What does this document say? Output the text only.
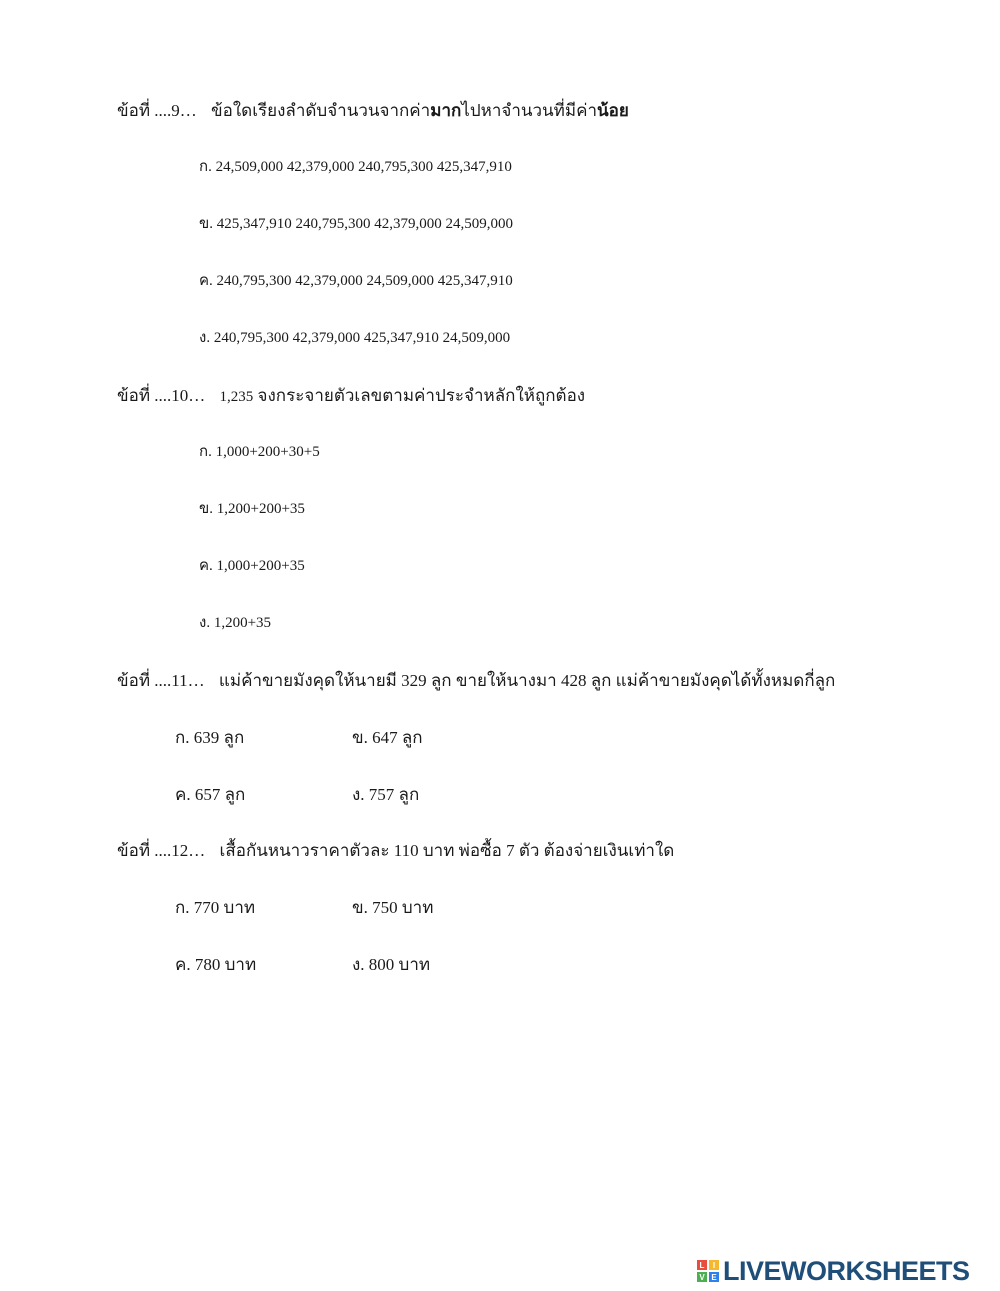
ข้อที่ ....9… ข้อใดเรียงลำดับจำนวนจากค่ามากไปหาจำนวนที่มีค่าน้อย
ก. 24,509,000 42,379,000 240,795,300 425,347,910
ข. 425,347,910 240,795,300 42,379,000 24,509,000
ค. 240,795,300 42,379,000 24,509,000 425,347,910
ง. 240,795,300 42,379,000 425,347,910 24,509,000
ข้อที่ ....10… 1,235 จงกระจายตัวเลขตามค่าประจำหลักให้ถูกต้อง
ก. 1,000+200+30+5
ข. 1,200+200+35
ค. 1,000+200+35
ง. 1,200+35
ข้อที่ ....11… แม่ค้าขายมังคุดให้นายมี 329 ลูก ขายให้นางมา 428 ลูก แม่ค้าขายมังคุดได้ทั้งหมดกี่ลูก
ก. 639 ลูก	ข. 647 ลูก
ค. 657 ลูก	ง. 757 ลูก
ข้อที่ ....12… เสื้อกันหนาวราคาตัวละ 110 บาท พ่อซื้อ 7 ตัว ต้องจ่ายเงินเท่าใด
ก. 770 บาท	ข. 750 บาท
ค. 780 บาท	ง. 800 บาท
L	I
V E LIVEWORKSHEETS
